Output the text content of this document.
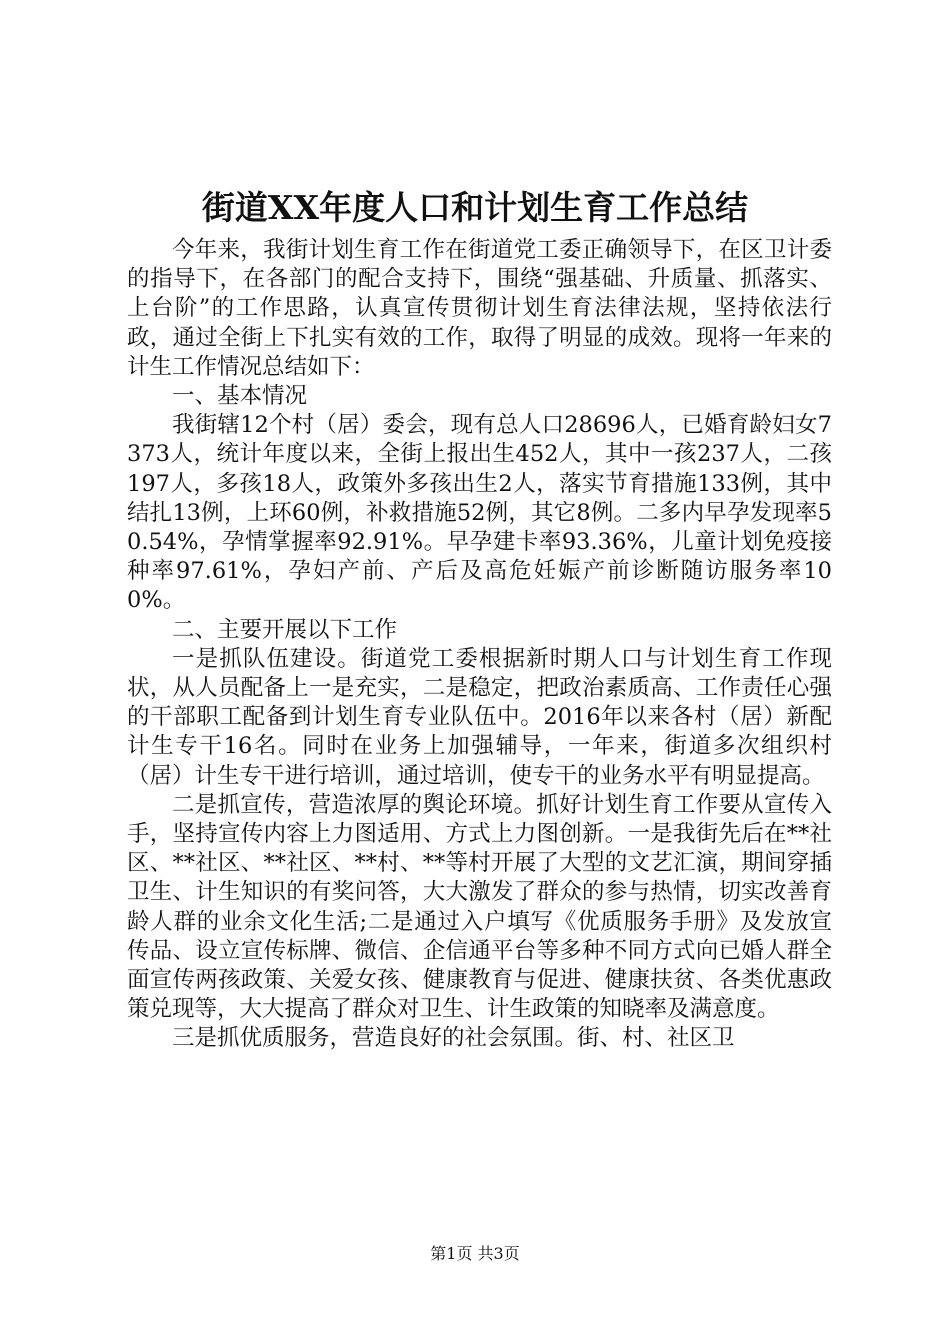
街道XX年度人口和计划生育工作总结

今年来，我街计划生育工作在街道党工委正确领导下，在区卫计委的指导下，在各部门的配合支持下，围绕“强基础、升质量、抓落实、上台阶”的工作思路，认真宣传贯彻计划生育法律法规，坚持依法行政，通过全街上下扎实有效的工作，取得了明显的成效。现将一年来的计生工作情况总结如下：

一、基本情况

我街辖12个村（居）委会，现有总人口28696人，已婚育龄妇女7373人，统计年度以来，全街上报出生452人，其中一孩237人，二孩197人，多孩18人，政策外多孩出生2人，落实节育措施133例，其中结扎13例，上环60例，补救措施52例，其它8例。二多内早孕发现率50.54%，孕情掌握率92.91%。早孕建卡率93.36%，儿童计划免疫接种率97.61%，孕妇产前、产后及高危妊娠产前诊断随访服务率100%。

二、主要开展以下工作

一是抓队伍建设。街道党工委根据新时期人口与计划生育工作现状，从人员配备上一是充实，二是稳定，把政治素质高、工作责任心强的干部职工配备到计划生育专业队伍中。2016年以来各村（居）新配计生专干16名。同时在业务上加强辅导，一年来，街道多次组织村（居）计生专干进行培训，通过培训，使专干的业务水平有明显提高。

二是抓宣传，营造浓厚的舆论环境。抓好计划生育工作要从宣传入手，坚持宣传内容上力图适用、方式上力图创新。一是我街先后在**社区、**社区、**社区、**村、**等村开展了大型的文艺汇演，期间穿插卫生、计生知识的有奖问答，大大激发了群众的参与热情，切实改善育龄人群的业余文化生活;二是通过入户填写《优质服务手册》及发放宣传品、设立宣传标牌、微信、企信通平台等多种不同方式向已婚人群全面宣传两孩政策、关爱女孩、健康教育与促进、健康扶贫、各类优惠政策兑现等，大大提高了群众对卫生、计生政策的知晓率及满意度。

三是抓优质服务，营造良好的社会氛围。街、村、社区卫

第1页 共3页
